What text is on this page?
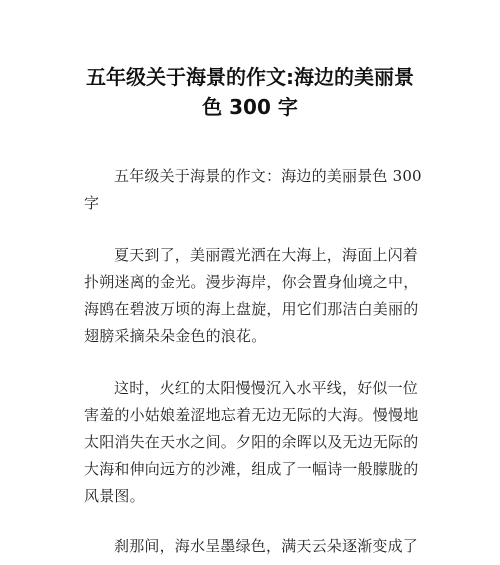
五年级关于海景的作文:海边的美丽景
色 300 字

五年级关于海景的作文：海边的美丽景色 300
字

夏天到了，美丽霞光洒在大海上，海面上闪着
扑朔迷离的金光。漫步海岸，你会置身仙境之中，
海鸥在碧波万顷的海上盘旋，用它们那洁白美丽的
翅膀采摘朵朵金色的浪花。

这时，火红的太阳慢慢沉入水平线，好似一位
害羞的小姑娘羞涩地忘着无边无际的大海。慢慢地
太阳消失在天水之间。夕阳的余晖以及无边无际的
大海和伸向远方的沙滩，组成了一幅诗一般朦胧的
风景图。

刹那间，海水呈墨绿色，满天云朵逐渐变成了
